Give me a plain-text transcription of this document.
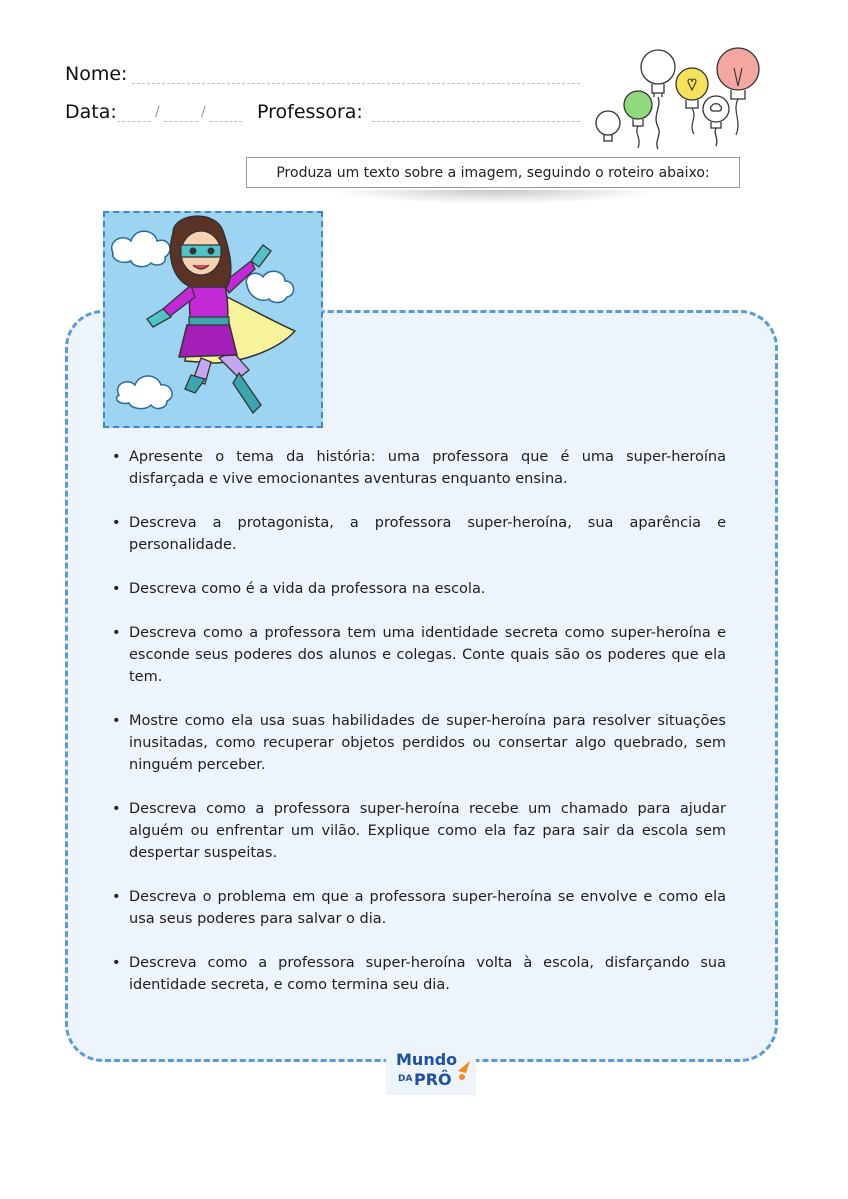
Nome:
Data:	/	/	Professora:
Produza um texto sobre a imagem, seguindo o roteiro abaixo:
• Apresente o tema da história: uma professora que é uma super-heroína disfarçada e vive emocionantes aventuras enquanto ensina.
• Descreva a protagonista, a professora super-heroína, sua aparência e personalidade.
• Descreva como é a vida da professora na escola.
• Descreva como a professora tem uma identidade secreta como super-heroína e esconde seus poderes dos alunos e colegas. Conte quais são os poderes que ela tem.
• Mostre como ela usa suas habilidades de super-heroína para resolver situações inusitadas, como recuperar objetos perdidos ou consertar algo quebrado, sem ninguém perceber.
• Descreva como a professora super-heroína recebe um chamado para ajudar alguém ou enfrentar um vilão. Explique como ela faz para sair da escola sem despertar suspeitas.
• Descreva o problema em que a professora super-heroína se envolve e como ela usa seus poderes para salvar o dia.
• Descreva como a professora super-heroína volta à escola, disfarçando sua identidade secreta, e como termina seu dia.
Mundo
DA PRÔ
